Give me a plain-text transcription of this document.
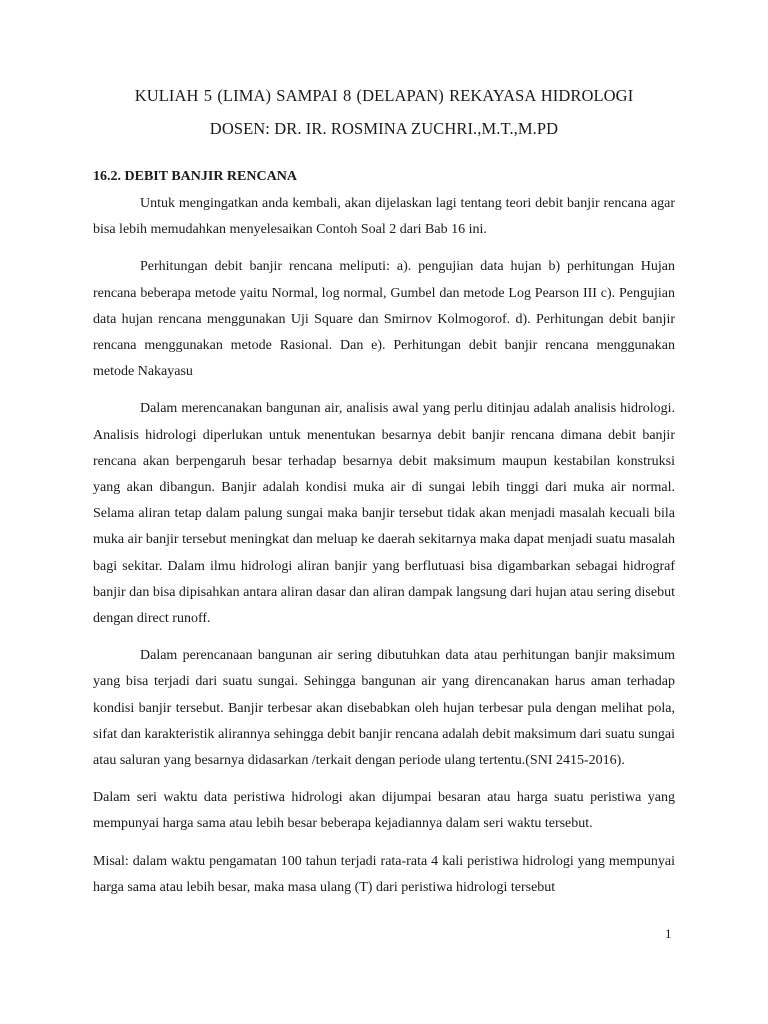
KULIAH 5 (LIMA) SAMPAI 8 (DELAPAN) REKAYASA HIDROLOGI

DOSEN: DR. IR. ROSMINA ZUCHRI.,M.T.,M.PD

16.2. DEBIT BANJIR RENCANA

Untuk mengingatkan anda kembali, akan dijelaskan lagi tentang teori debit banjir rencana agar bisa lebih memudahkan menyelesaikan Contoh Soal 2 dari Bab 16 ini.

Perhitungan debit banjir rencana meliputi: a). pengujian data hujan b) perhitungan Hujan rencana beberapa metode yaitu Normal, log normal, Gumbel dan metode Log Pearson III c). Pengujian data hujan rencana menggunakan Uji Square dan Smirnov Kolmogorof. d). Perhitungan debit banjir rencana menggunakan metode Rasional. Dan e). Perhitungan debit banjir rencana menggunakan metode Nakayasu

Dalam merencanakan bangunan air, analisis awal yang perlu ditinjau adalah analisis hidrologi. Analisis hidrologi diperlukan untuk menentukan besarnya debit banjir rencana dimana debit banjir rencana akan berpengaruh besar terhadap besarnya debit maksimum maupun kestabilan konstruksi yang akan dibangun. Banjir adalah kondisi muka air di sungai lebih tinggi dari muka air normal. Selama aliran tetap dalam palung sungai maka banjir tersebut tidak akan menjadi masalah kecuali bila muka air banjir tersebut meningkat dan meluap ke daerah sekitarnya maka dapat menjadi suatu masalah bagi sekitar. Dalam ilmu hidrologi aliran banjir yang berflutuasi bisa digambarkan sebagai hidrograf banjir dan bisa dipisahkan antara aliran dasar dan aliran dampak langsung dari hujan atau sering disebut dengan direct runoff.

Dalam perencanaan bangunan air sering dibutuhkan data atau perhitungan banjir maksimum yang bisa terjadi dari suatu sungai. Sehingga bangunan air yang direncanakan harus aman terhadap kondisi banjir tersebut. Banjir terbesar akan disebabkan oleh hujan terbesar pula dengan melihat pola, sifat dan karakteristik alirannya sehingga debit banjir rencana adalah debit maksimum dari suatu sungai atau saluran yang besarnya didasarkan /terkait dengan periode ulang tertentu.(SNI 2415-2016).

Dalam seri waktu data peristiwa hidrologi akan dijumpai besaran atau harga suatu peristiwa yang mempunyai harga sama atau lebih besar beberapa kejadiannya dalam seri waktu tersebut.

Misal: dalam waktu pengamatan 100 tahun terjadi rata-rata 4 kali peristiwa hidrologi yang mempunyai harga sama atau lebih besar, maka masa ulang (T) dari peristiwa hidrologi tersebut

1
